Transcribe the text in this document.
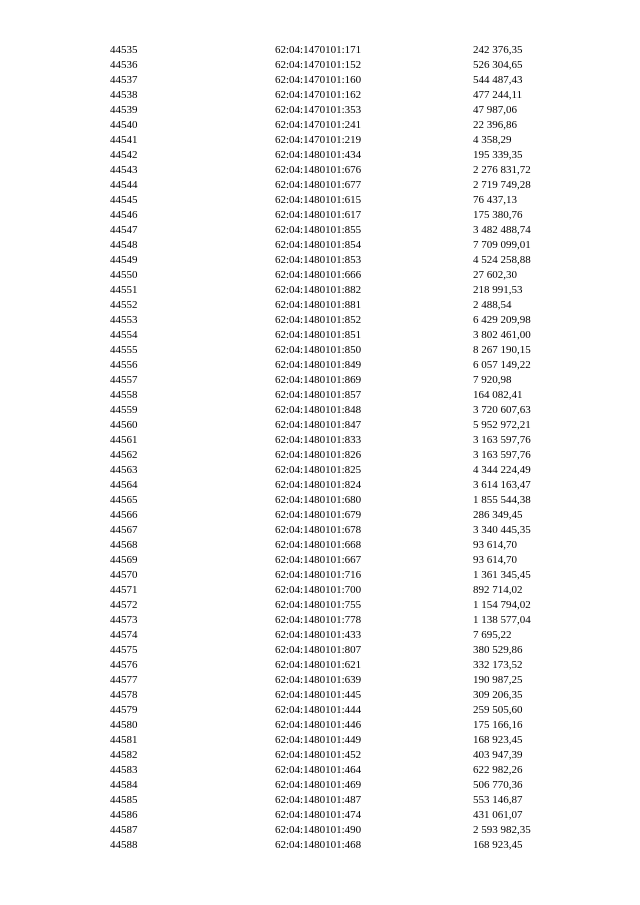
44535	62:04:1470101:171	242 376,35
44536	62:04:1470101:152	526 304,65
44537	62:04:1470101:160	544 487,43
44538	62:04:1470101:162	477 244,11
44539	62:04:1470101:353	47 987,06
44540	62:04:1470101:241	22 396,86
44541	62:04:1470101:219	4 358,29
44542	62:04:1480101:434	195 339,35
44543	62:04:1480101:676	2 276 831,72
44544	62:04:1480101:677	2 719 749,28
44545	62:04:1480101:615	76 437,13
44546	62:04:1480101:617	175 380,76
44547	62:04:1480101:855	3 482 488,74
44548	62:04:1480101:854	7 709 099,01
44549	62:04:1480101:853	4 524 258,88
44550	62:04:1480101:666	27 602,30
44551	62:04:1480101:882	218 991,53
44552	62:04:1480101:881	2 488,54
44553	62:04:1480101:852	6 429 209,98
44554	62:04:1480101:851	3 802 461,00
44555	62:04:1480101:850	8 267 190,15
44556	62:04:1480101:849	6 057 149,22
44557	62:04:1480101:869	7 920,98
44558	62:04:1480101:857	164 082,41
44559	62:04:1480101:848	3 720 607,63
44560	62:04:1480101:847	5 952 972,21
44561	62:04:1480101:833	3 163 597,76
44562	62:04:1480101:826	3 163 597,76
44563	62:04:1480101:825	4 344 224,49
44564	62:04:1480101:824	3 614 163,47
44565	62:04:1480101:680	1 855 544,38
44566	62:04:1480101:679	286 349,45
44567	62:04:1480101:678	3 340 445,35
44568	62:04:1480101:668	93 614,70
44569	62:04:1480101:667	93 614,70
44570	62:04:1480101:716	1 361 345,45
44571	62:04:1480101:700	892 714,02
44572	62:04:1480101:755	1 154 794,02
44573	62:04:1480101:778	1 138 577,04
44574	62:04:1480101:433	7 695,22
44575	62:04:1480101:807	380 529,86
44576	62:04:1480101:621	332 173,52
44577	62:04:1480101:639	190 987,25
44578	62:04:1480101:445	309 206,35
44579	62:04:1480101:444	259 505,60
44580	62:04:1480101:446	175 166,16
44581	62:04:1480101:449	168 923,45
44582	62:04:1480101:452	403 947,39
44583	62:04:1480101:464	622 982,26
44584	62:04:1480101:469	506 770,36
44585	62:04:1480101:487	553 146,87
44586	62:04:1480101:474	431 061,07
44587	62:04:1480101:490	2 593 982,35
44588	62:04:1480101:468	168 923,45
